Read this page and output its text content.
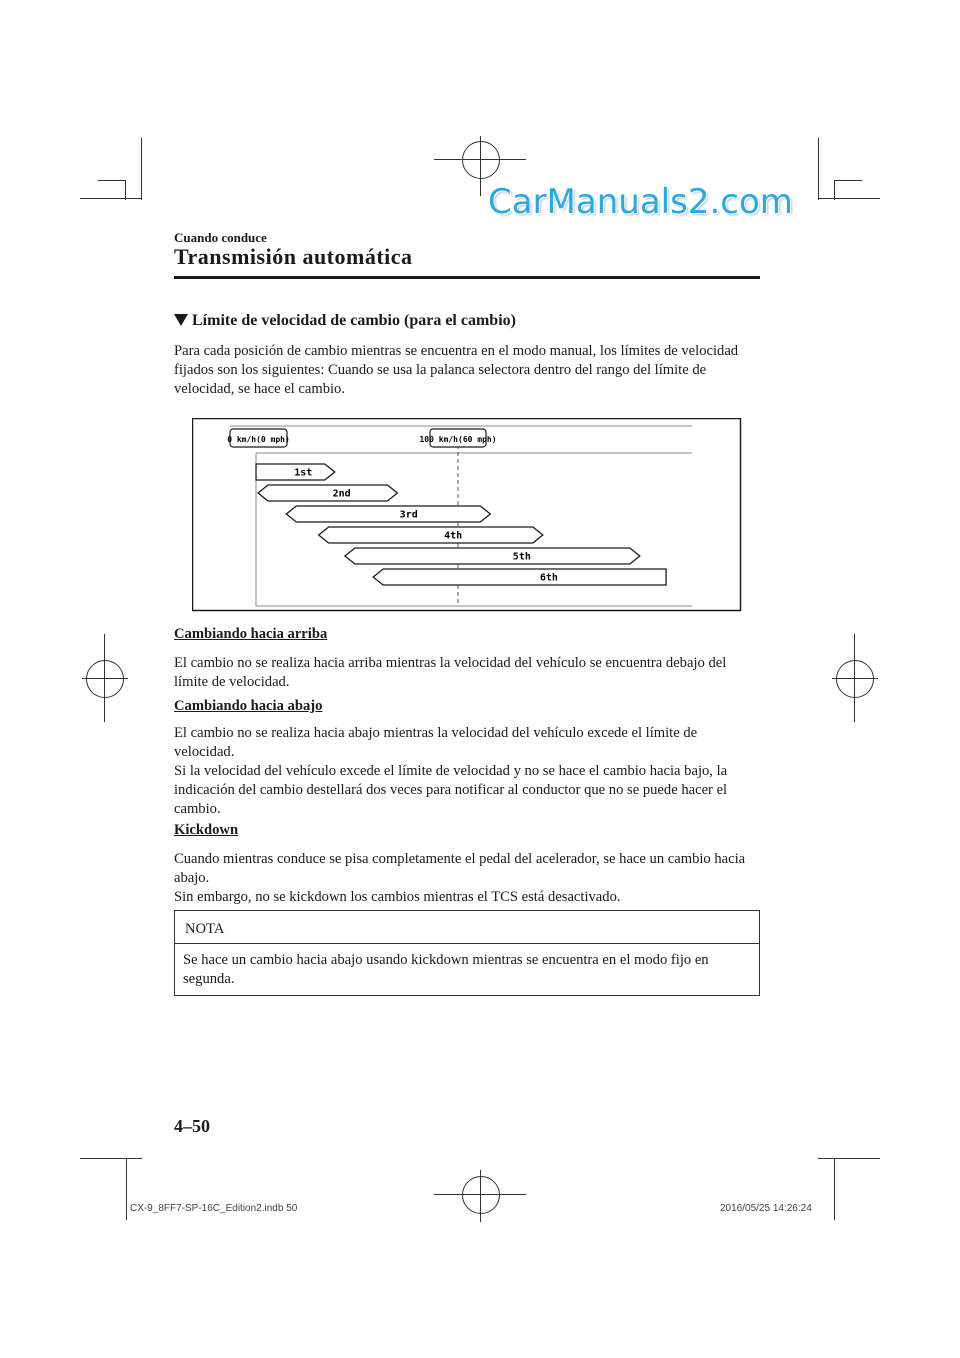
CarManuals2.com
Cuando conduce
Transmisión automática
Límite de velocidad de cambio (para el cambio)
Para cada posición de cambio mientras se encuentra en el modo manual, los límites de velocidad fijados son los siguientes: Cuando se usa la palanca selectora dentro del rango del límite de velocidad, se hace el cambio.
0 km/h(0 mph)	100 km/h(60 mph)
1st
2nd
3rd
4th
5th
6th
Cambiando hacia arriba
El cambio no se realiza hacia arriba mientras la velocidad del vehículo se encuentra debajo del límite de velocidad.
Cambiando hacia abajo
El cambio no se realiza hacia abajo mientras la velocidad del vehículo excede el límite de velocidad.
Si la velocidad del vehículo excede el límite de velocidad y no se hace el cambio hacia bajo, la indicación del cambio destellará dos veces para notificar al conductor que no se puede hacer el cambio.
Kickdown
Cuando mientras conduce se pisa completamente el pedal del acelerador, se hace un cambio hacia abajo.
Sin embargo, no se kickdown los cambios mientras el TCS está desactivado.
NOTA
Se hace un cambio hacia abajo usando kickdown mientras se encuentra en el modo fijo en segunda.
4–50
CX-9_8FF7-SP-16C_Edition2.indb 50	2016/05/25 14:26:24
